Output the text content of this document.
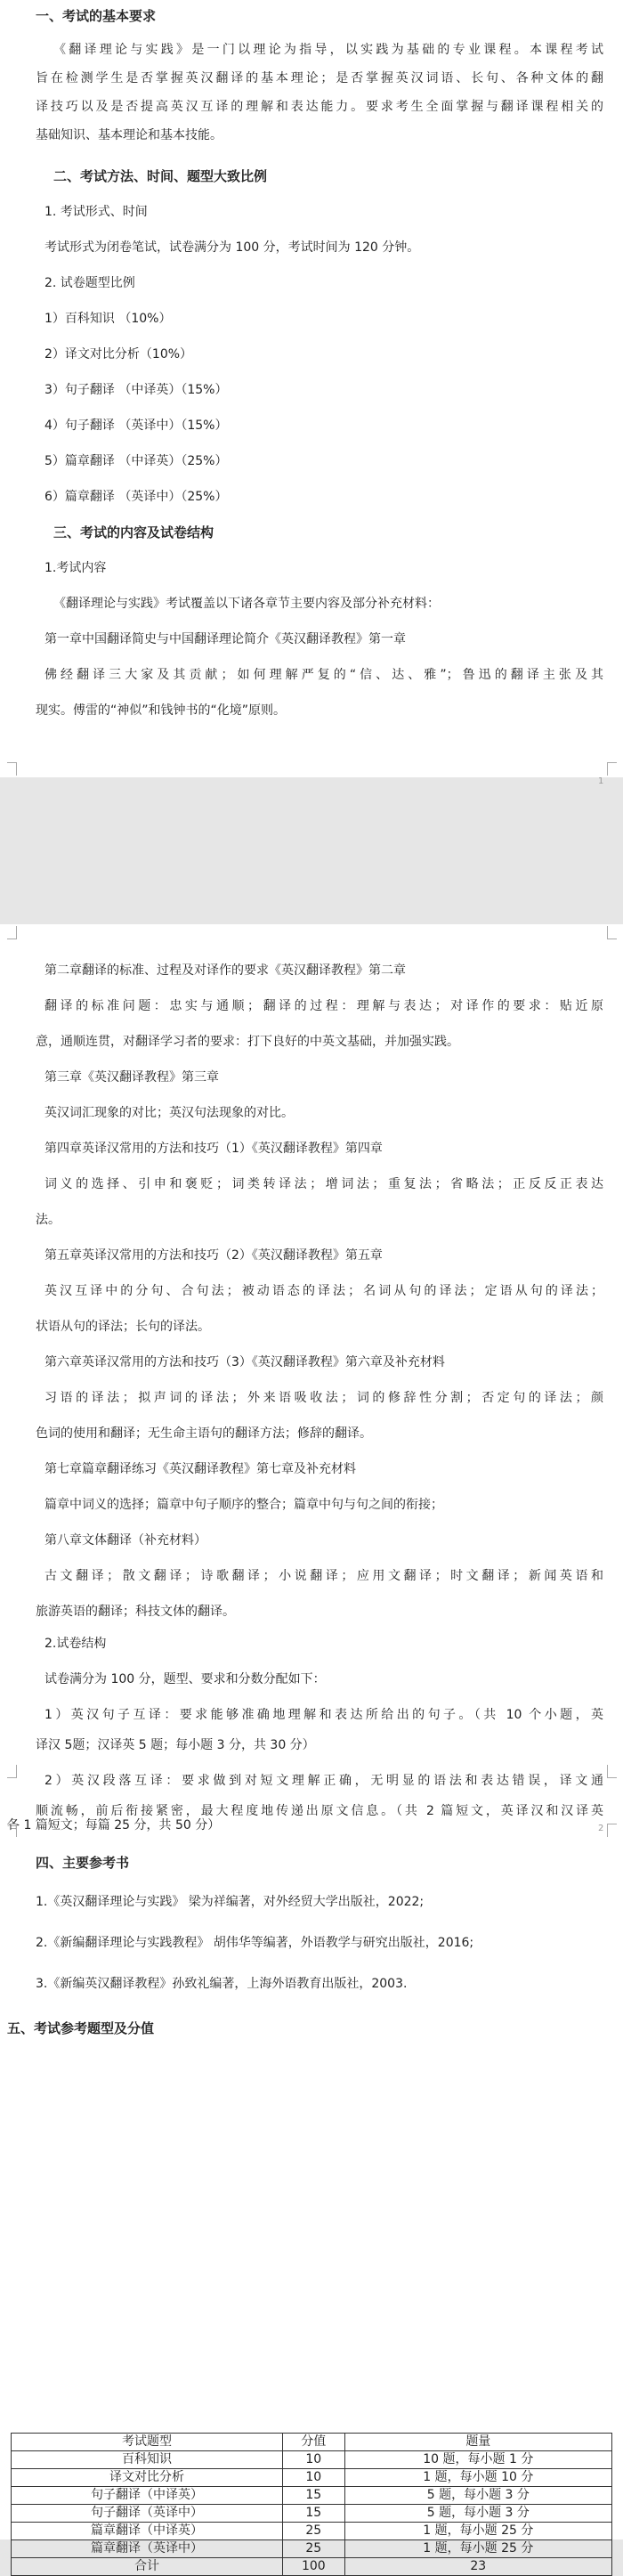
一、考试的基本要求
《翻译理论与实践》是一门以理论为指导，以实践为基础的专业课程。本课程考试
旨在检测学生是否掌握英汉翻译的基本理论；是否掌握英汉词语、长句、各种文体的翻
译技巧以及是否提高英汉互译的理解和表达能力。要求考生全面掌握与翻译课程相关的
基础知识、基本理论和基本技能。
二、考试方法、时间、题型大致比例
1. 考试形式、时间
考试形式为闭卷笔试，试卷满分为 100 分，考试时间为 120 分钟。
2. 试卷题型比例
1）百科知识 （10%）
2）译文对比分析（10%）
3）句子翻译 （中译英）（15%）
4）句子翻译 （英译中）（15%）
5）篇章翻译 （中译英）（25%）
6）篇章翻译 （英译中）（25%）
三、考试的内容及试卷结构
1.考试内容
《翻译理论与实践》考试覆盖以下诸各章节主要内容及部分补充材料：
第一章中国翻译简史与中国翻译理论简介《英汉翻译教程》第一章
佛经翻译三大家及其贡献；如何理解严复的“信、达、雅”；鲁迅的翻译主张及其
现实。傅雷的“神似”和钱钟书的“化境”原则。
1
第二章翻译的标准、过程及对译作的要求《英汉翻译教程》第二章
翻译的标准问题：忠实与通顺；翻译的过程：理解与表达；对译作的要求：贴近原
意，通顺连贯，对翻译学习者的要求：打下良好的中英文基础，并加强实践。
第三章《英汉翻译教程》第三章
英汉词汇现象的对比；英汉句法现象的对比。
第四章英译汉常用的方法和技巧（1）《英汉翻译教程》第四章
词义的选择、引申和褒贬；词类转译法；增词法；重复法；省略法；正反反正表达
法。
第五章英译汉常用的方法和技巧（2）《英汉翻译教程》第五章
英汉互译中的分句、合句法；被动语态的译法；名词从句的译法；定语从句的译法；
状语从句的译法；长句的译法。
第六章英译汉常用的方法和技巧（3）《英汉翻译教程》第六章及补充材料
习语的译法；拟声词的译法；外来语吸收法；词的修辞性分割；否定句的译法；颜
色词的使用和翻译；无生命主语句的翻译方法；修辞的翻译。
第七章篇章翻译练习《英汉翻译教程》第七章及补充材料
篇章中词义的选择；篇章中句子顺序的整合；篇章中句与句之间的衔接；
第八章文体翻译（补充材料）
古文翻译；散文翻译；诗歌翻译；小说翻译；应用文翻译；时文翻译；新闻英语和
旅游英语的翻译；科技文体的翻译。
2.试卷结构
各 1 篇短文；每篇 25 分，共 50 分）
四、主要参考书
1.《英汉翻译理论与实践》 梁为祥编著，对外经贸大学出版社，2022;
2.《新编翻译理论与实践教程》 胡伟华等编著，外语教学与研究出版社，2016;
3.《新编英汉翻译教程》孙致礼编著，上海外语教育出版社，2003.
五、考试参考题型及分值
试卷满分为 100 分，题型、要求和分数分配如下：
1）英汉句子互译：要求能够准确地理解和表达所给出的句子。（共 10 个小题，英
译汉 5题；汉译英 5 题；每小题 3 分，共 30 分）
2）英汉段落互译：要求做到对短文理解正确，无明显的语法和表达错误，译文通
顺流畅，前后衔接紧密，最大程度地传递出原文信息。（共 2 篇短文，英译汉和汉译英
2
考试题型	分值	题量
百科知识	10	10 题，每小题 1 分
译文对比分析	10	1 题，每小题 10 分
句子翻译（中译英）	15	5 题，每小题 3 分
句子翻译（英译中）	15	5 题，每小题 3 分
篇章翻译（中译英）	25	1 题，每小题 25 分
篇章翻译（英译中）	25	1 题，每小题 25 分
合计	100	23
